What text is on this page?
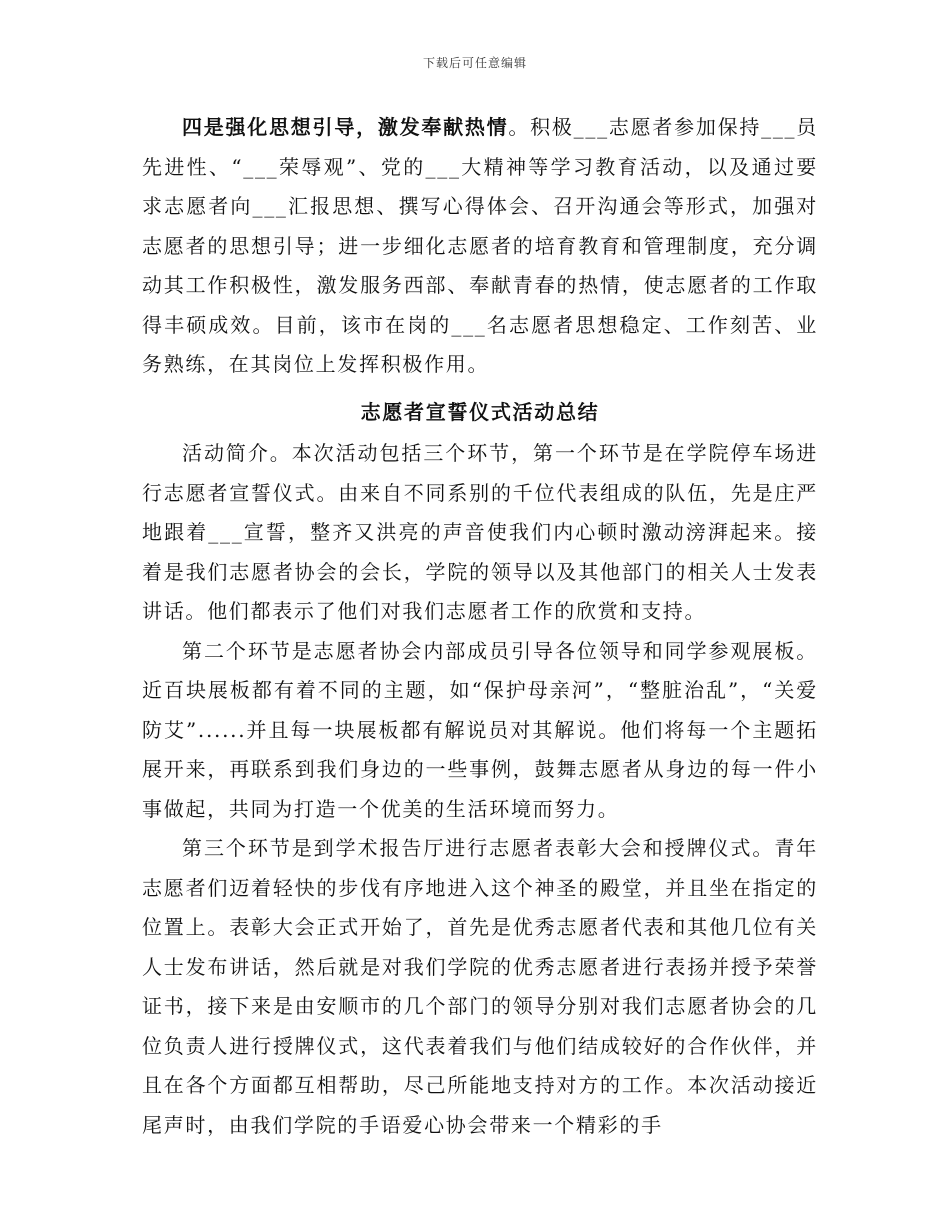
下载后可任意编辑

四是强化思想引导，激发奉献热情。积极___志愿者参加保持___员先进性、“___荣辱观”、党的___大精神等学习教育活动，以及通过要求志愿者向___汇报思想、撰写心得体会、召开沟通会等形式，加强对志愿者的思想引导；进一步细化志愿者的培育教育和管理制度，充分调动其工作积极性，激发服务西部、奉献青春的热情，使志愿者的工作取得丰硕成效。目前，该市在岗的___名志愿者思想稳定、工作刻苦、业务熟练，在其岗位上发挥积极作用。

志愿者宣誓仪式活动总结

活动简介。本次活动包括三个环节，第一个环节是在学院停车场进行志愿者宣誓仪式。由来自不同系别的千位代表组成的队伍，先是庄严地跟着___宣誓，整齐又洪亮的声音使我们内心顿时激动滂湃起来。接着是我们志愿者协会的会长，学院的领导以及其他部门的相关人士发表讲话。他们都表示了他们对我们志愿者工作的欣赏和支持。

第二个环节是志愿者协会内部成员引导各位领导和同学参观展板。近百块展板都有着不同的主题，如“保护母亲河”，“整脏治乱”，“关爱防艾”......并且每一块展板都有解说员对其解说。他们将每一个主题拓展开来，再联系到我们身边的一些事例，鼓舞志愿者从身边的每一件小事做起，共同为打造一个优美的生活环境而努力。

第三个环节是到学术报告厅进行志愿者表彰大会和授牌仪式。青年志愿者们迈着轻快的步伐有序地进入这个神圣的殿堂，并且坐在指定的位置上。表彰大会正式开始了，首先是优秀志愿者代表和其他几位有关人士发布讲话，然后就是对我们学院的优秀志愿者进行表扬并授予荣誉证书，接下来是由安顺市的几个部门的领导分别对我们志愿者协会的几位负责人进行授牌仪式，这代表着我们与他们结成较好的合作伙伴，并且在各个方面都互相帮助，尽己所能地支持对方的工作。本次活动接近尾声时，由我们学院的手语爱心协会带来一个精彩的手
